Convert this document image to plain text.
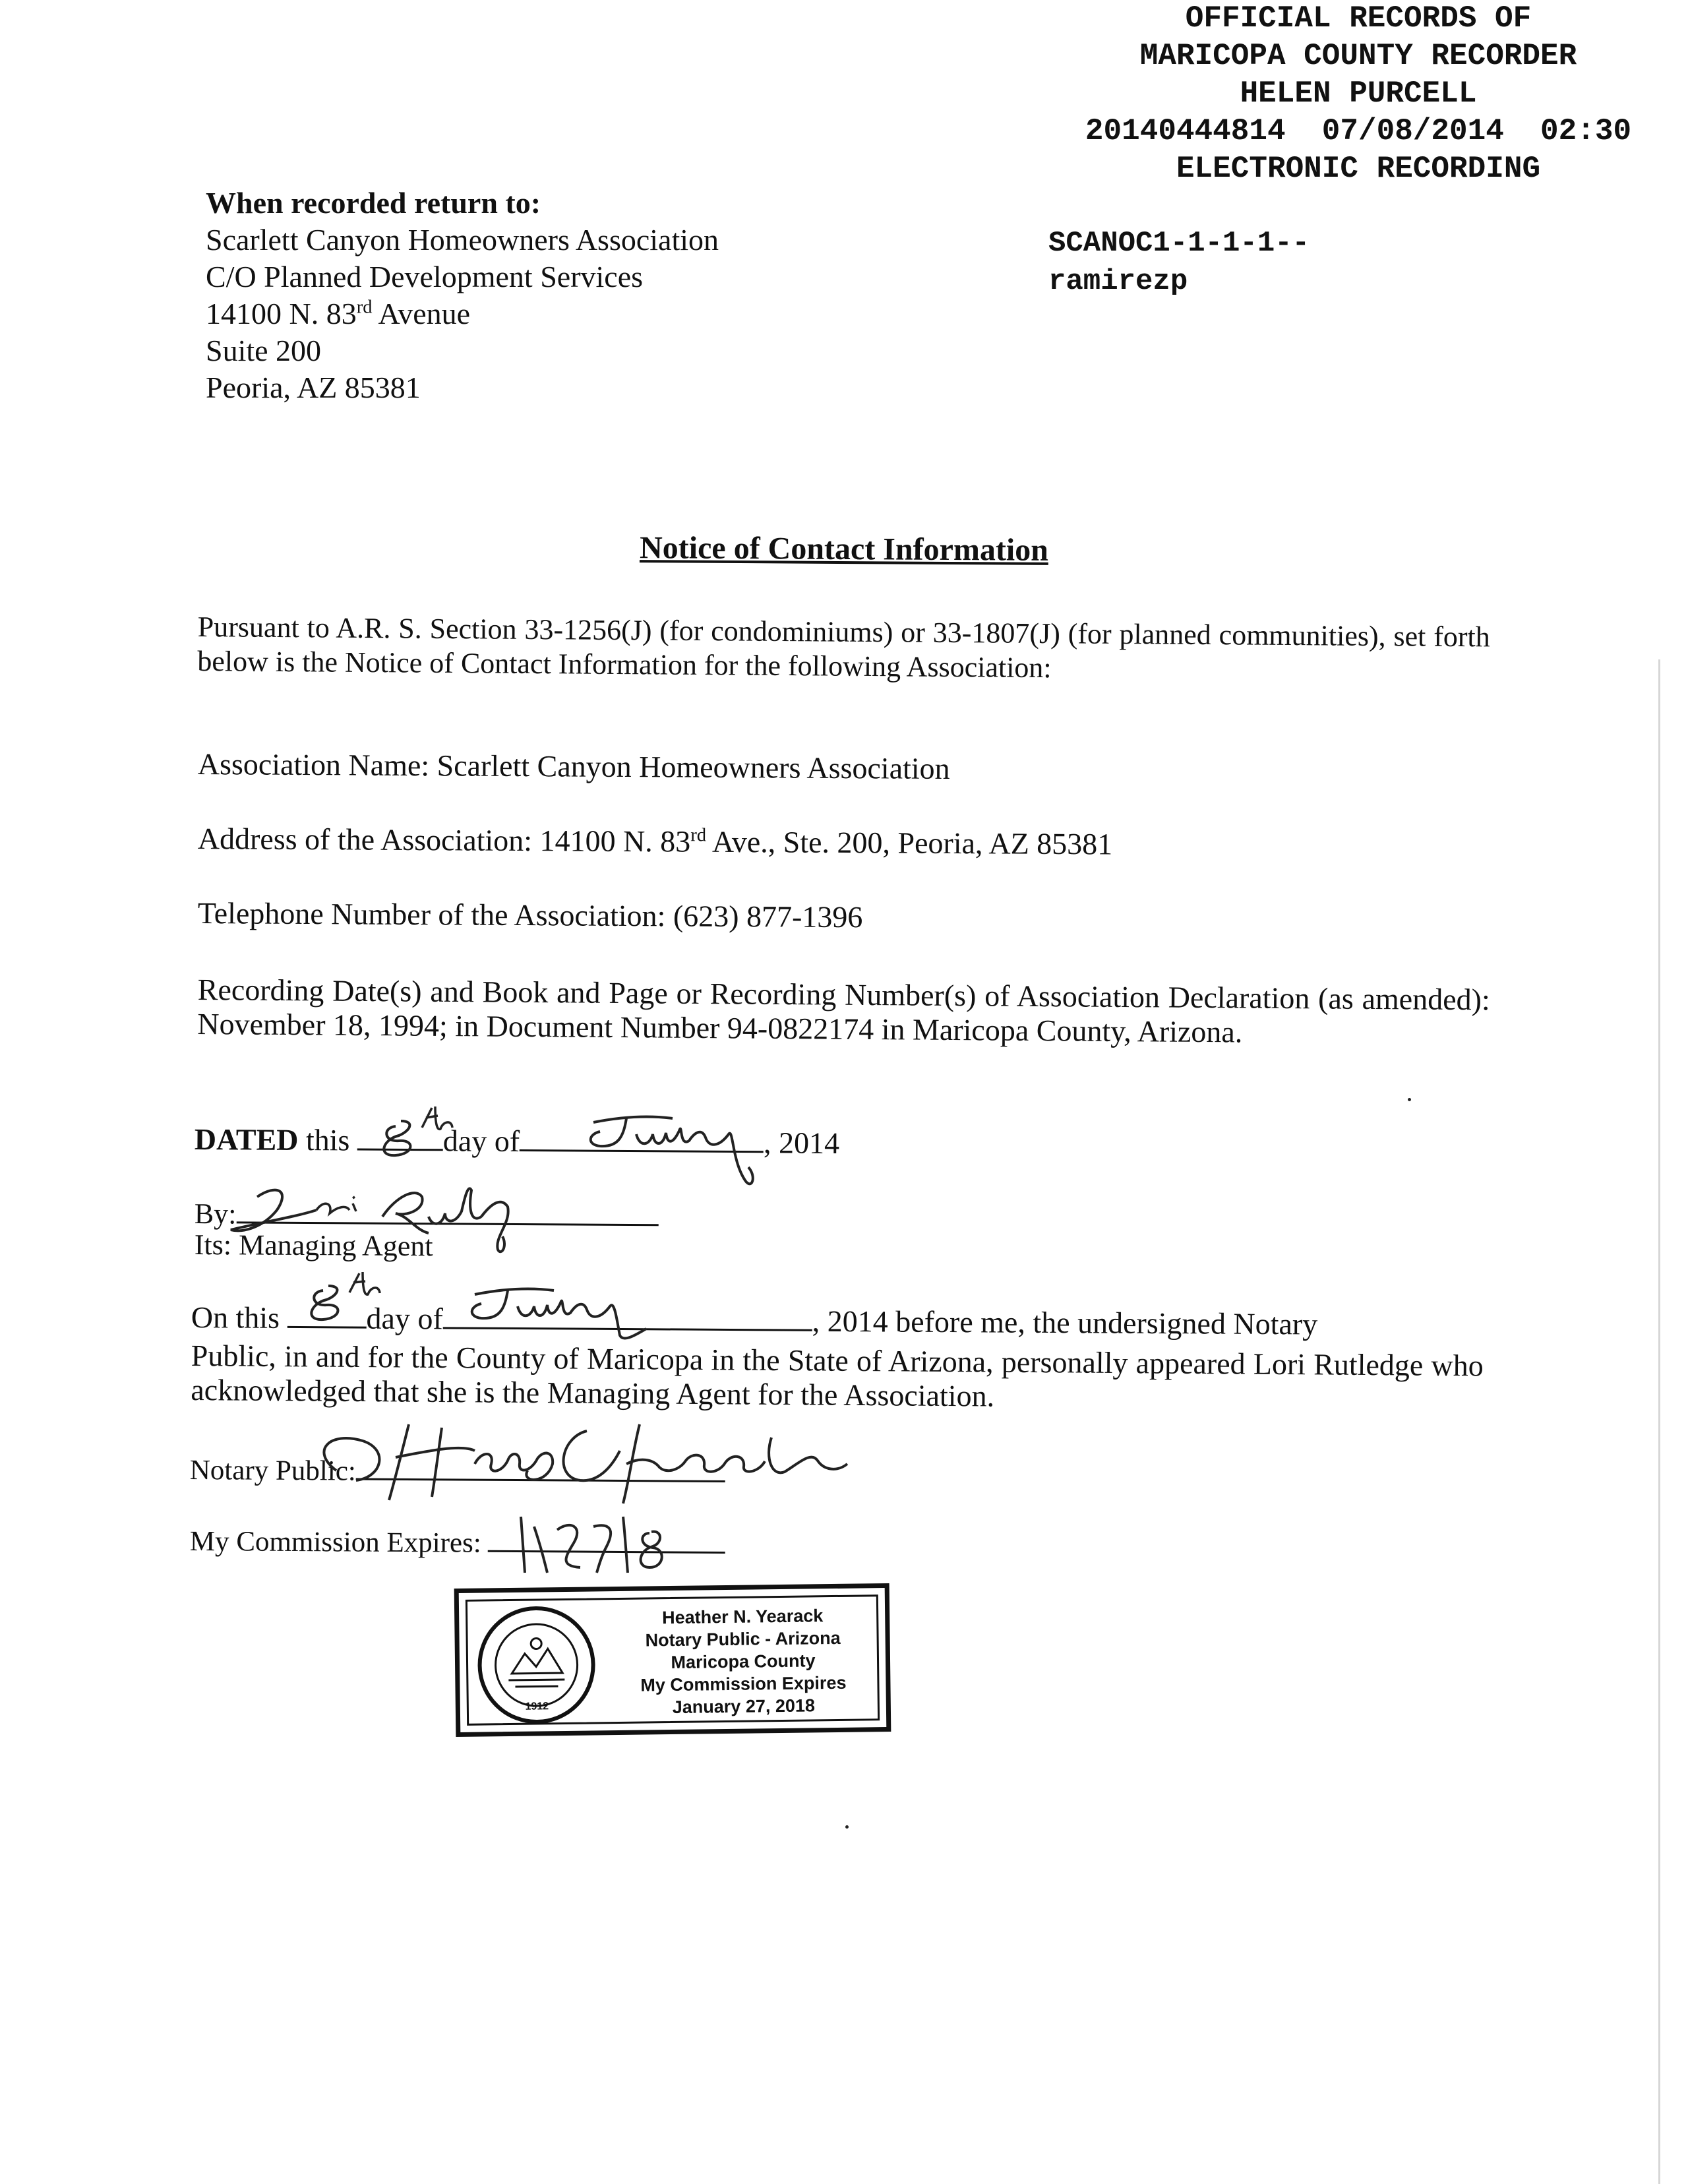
OFFICIAL RECORDS OF
MARICOPA COUNTY RECORDER
HELEN PURCELL
20140444814  07/08/2014  02:30
ELECTRONIC RECORDING
SCANOC1-1-1-1--
ramirezp
When recorded return to:
Scarlett Canyon Homeowners Association
C/O Planned Development Services
14100 N. 83rd Avenue
Suite 200
Peoria, AZ 85381
Notice of Contact Information
Pursuant to A.R. S. Section 33-1256(J) (for condominiums) or 33-1807(J) (for planned communities), set forth below is the Notice of Contact Information for the following Association:
Association Name: Scarlett Canyon Homeowners Association
Address of the Association: 14100 N. 83rd Ave., Ste. 200, Peoria, AZ 85381
Telephone Number of the Association: (623) 877-1396
Recording Date(s) and Book and Page or Recording Number(s) of Association Declaration (as amended): November 18, 1994; in Document Number 94-0822174 in Maricopa County, Arizona.
DATED this	day of	, 2014
By:
Its: Managing Agent
On this	day of	, 2014 before me, the undersigned Notary
Public, in and for the County of Maricopa in the State of Arizona, personally appeared Lori Rutledge who acknowledged that she is the Managing Agent for the Association.
Notary Public:
My Commission Expires:
1912
Heather N. Yearack
Notary Public - Arizona
Maricopa County
My Commission Expires
January 27, 2018
